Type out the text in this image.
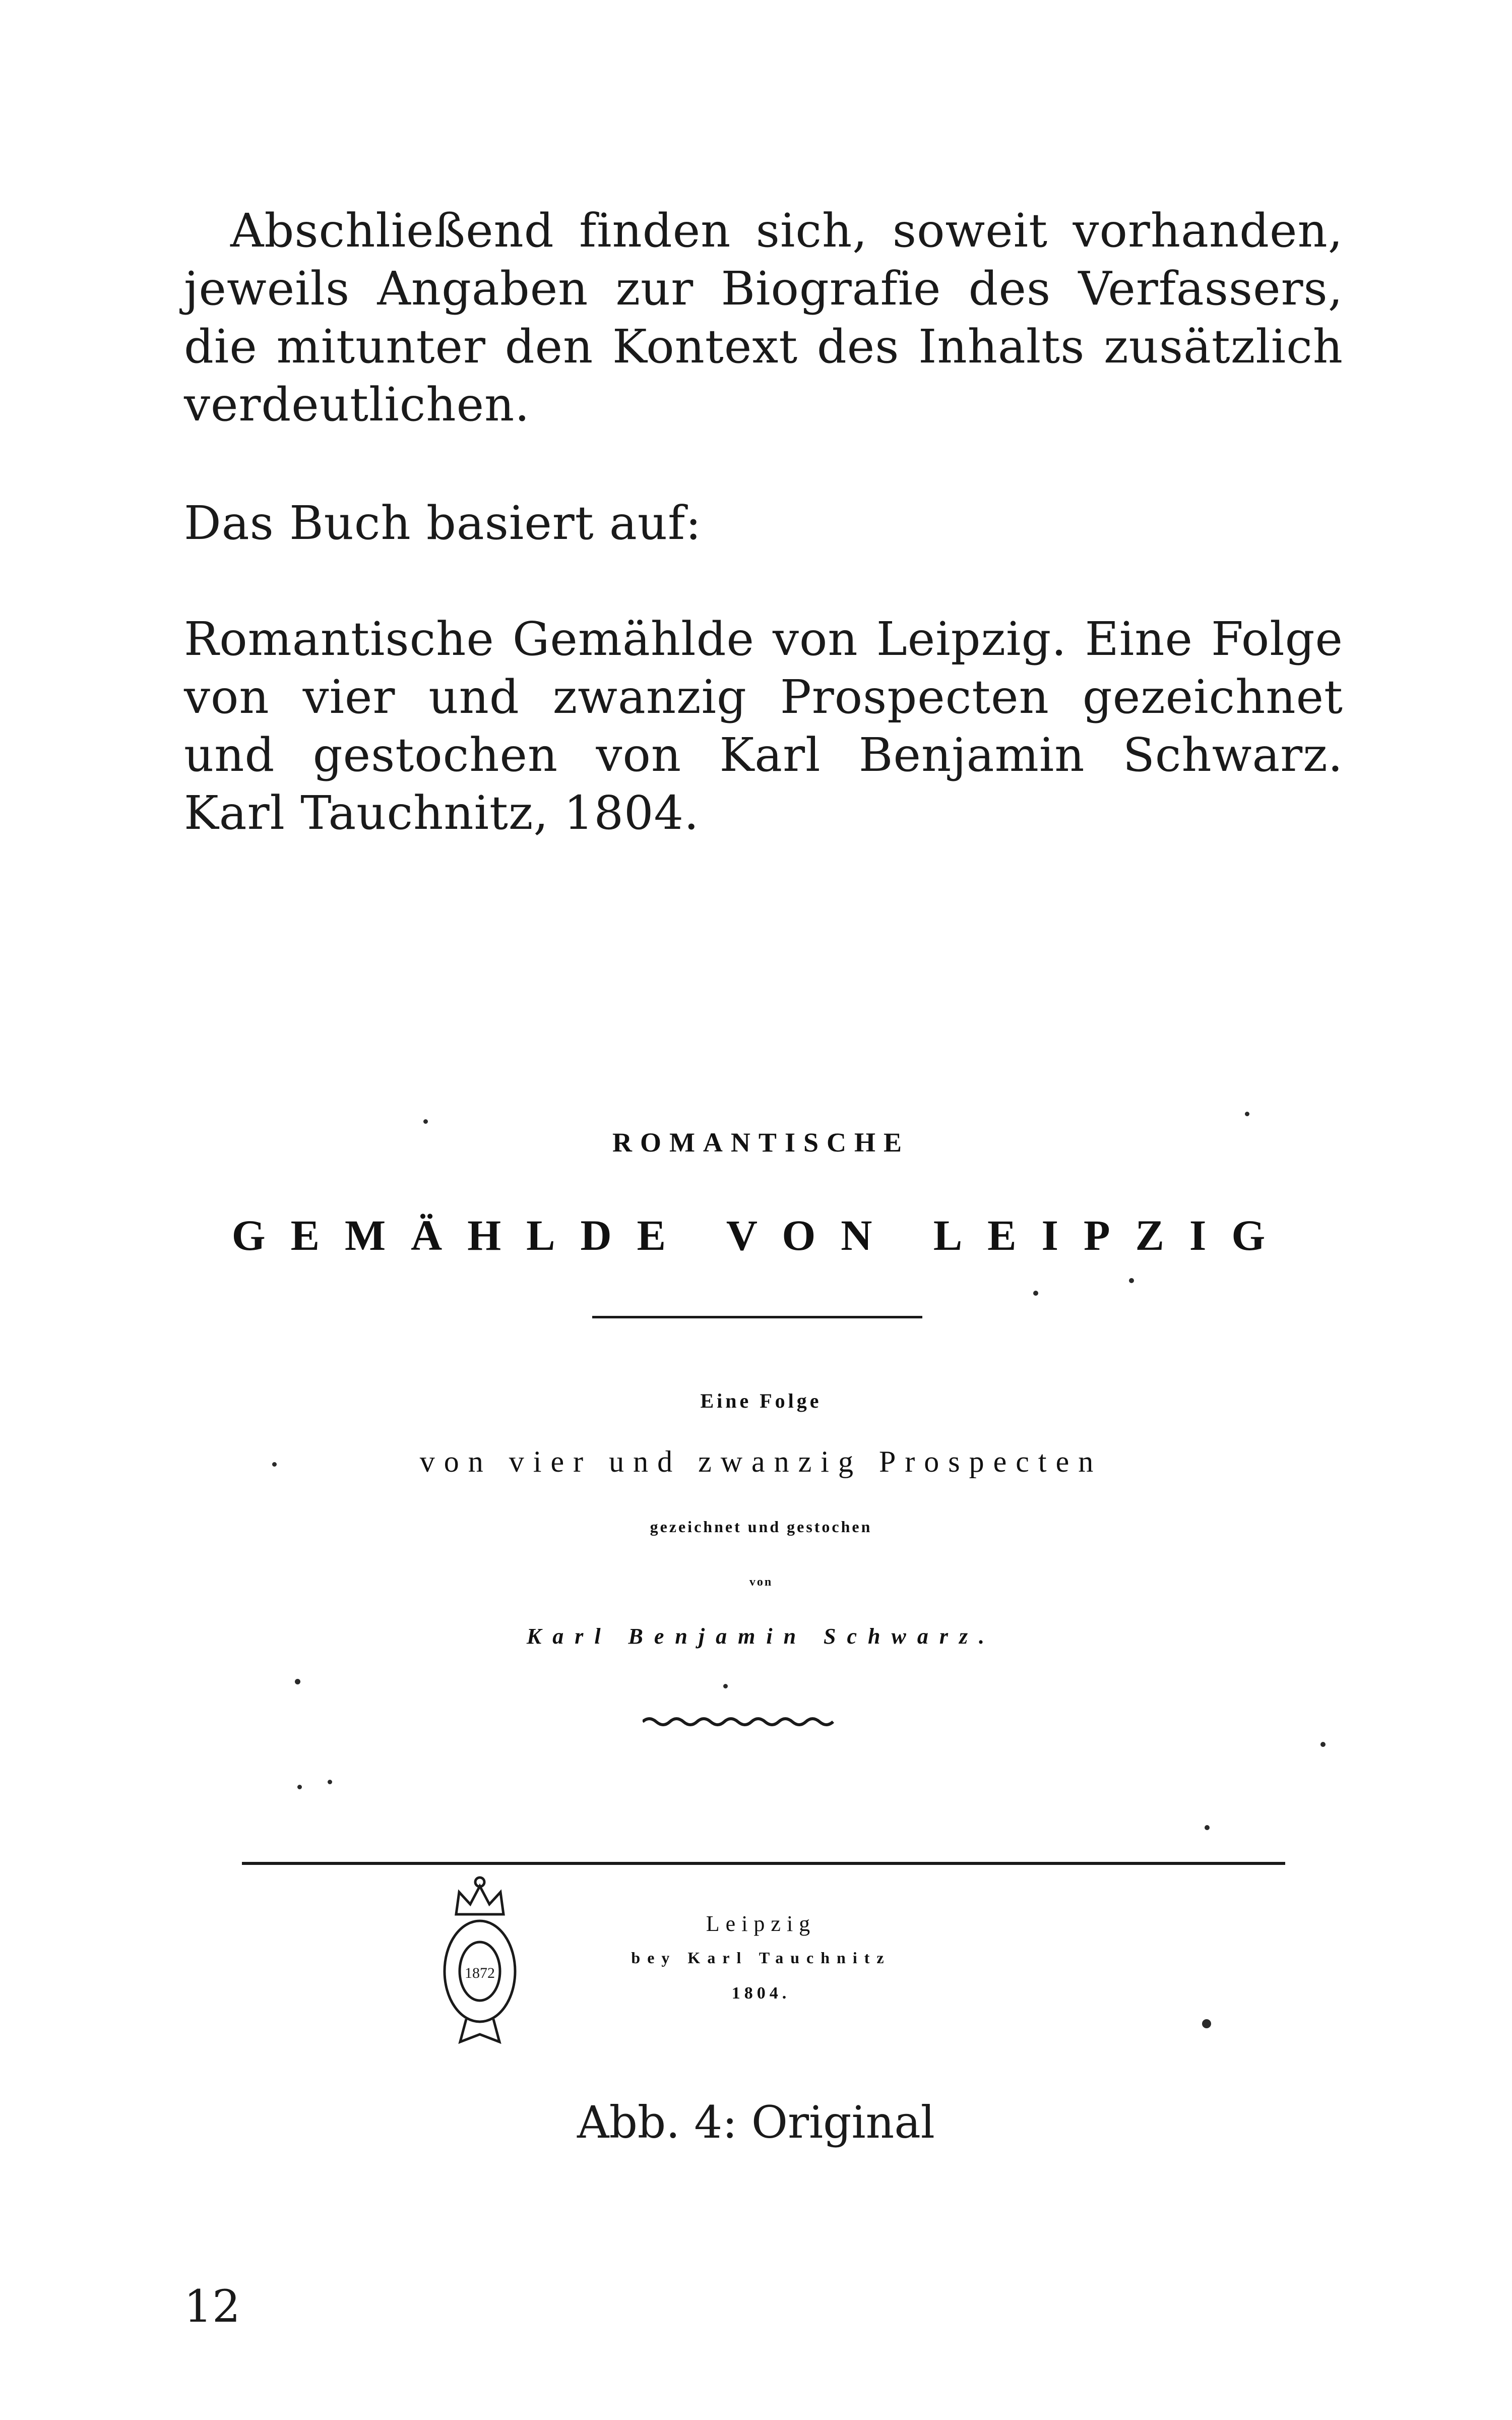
Abschließend finden sich, soweit vorhanden, jeweils Angaben zur Biografie des Verfassers, die mitunter den Kontext des Inhalts zusätzlich verdeutlichen.

Das Buch basiert auf:

Romantische Gemählde von Leipzig. Eine Folge von vier und zwanzig Prospecten gezeichnet und gestochen von Karl Benjamin Schwarz. Karl Tauchnitz, 1804.

ROMANTISCHE
GEMÄHLDE VON LEIPZIG
Eine Folge
von vier und zwanzig Prospecten
gezeichnet und gestochen
von
Karl Benjamin Schwarz.
Leipzig
bey Karl Tauchnitz
1804.
1872

Abb. 4: Original

12
